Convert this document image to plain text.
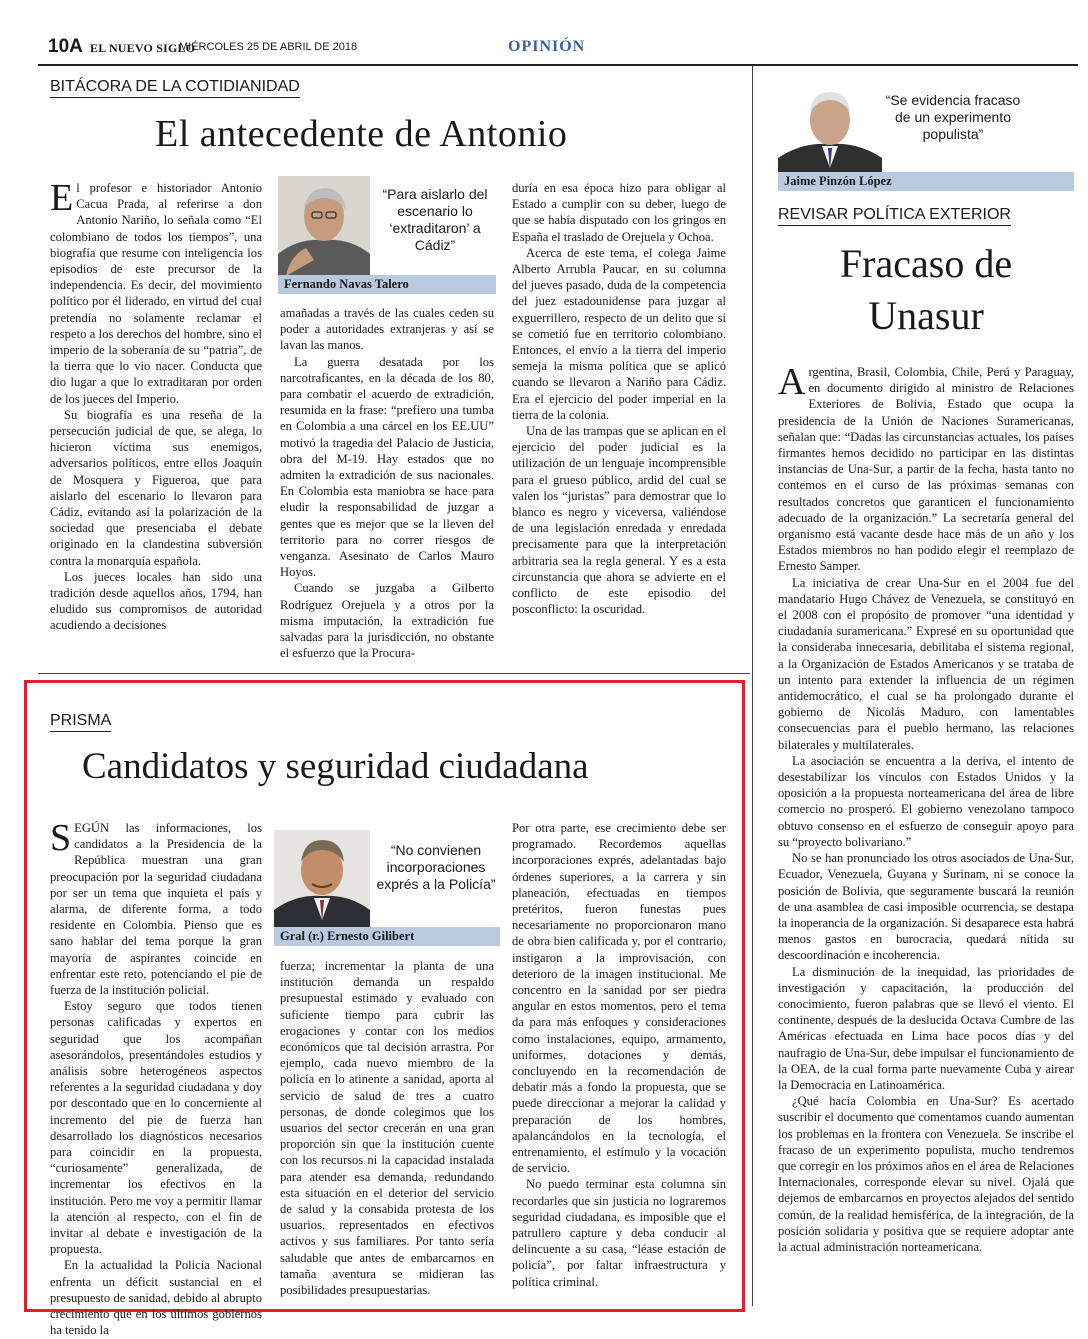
10A EL NUEVO SIGLO
MIÉRCOLES 25 DE ABRIL DE 2018	OPINIÓN
BITÁCORA DE LA COTIDIANIDAD
El antecedente de Antonio

El profesor e historiador Antonio Cacua Prada, al referirse a don Antonio Nariño, lo señala como “El colombiano de todos los tiempos”, una biografía que resume con inteligencia los episodios de este precursor de la independencia. Es decir, del movimiento político por él liderado, en virtud del cual pretendía no solamente reclamar el respeto a los derechos del hombre, sino el imperio de la soberanía de su “patria”, de la tierra que lo vio nacer. Conducta que dio lugar a que lo extraditaran por orden de los jueces del Imperio.

Su biografía es una reseña de la persecución judicial de que, se alega, lo hicieron víctima sus enemigos, adversarios políticos, entre ellos Joaquín de Mosquera y Figueroa, que para aislarlo del escenario lo llevaron para Cádiz, evitando así la polarización de la sociedad que presenciaba el debate originado en la clandestina subversión contra la monarquía española.

Los jueces locales han sido una tradición desde aquellos años, 1794, han eludido sus compromisos de autoridad acudiendo a decisiones

“Para aislarlo del escenario lo ‘extraditaron’ a Cádiz”
Fernando Navas Talero

amañadas a través de las cuales ceden su poder a autoridades extranjeras y así se lavan las manos.

La guerra desatada por los narcotraficantes, en la década de los 80, para combatir el acuerdo de extradición, resumida en la frase: “prefiero una tumba en Colombia a una cárcel en los EE.UU” motivó la tragedia del Palacio de Justicia, obra del M-19. Hay estados que no admiten la extradición de sus nacionales. En Colombia esta maniobra se hace para eludir la responsabilidad de juzgar a gentes que es mejor que se la lleven del territorio para no correr riesgos de venganza. Asesinato de Carlos Mauro Hoyos.

Cuando se juzgaba a Gilberto Rodríguez Orejuela y a otros por la misma imputación, la extradición fue salvadas para la jurisdicción, no obstante el esfuerzo que la Procura-

duría en esa época hizo para obligar al Estado a cumplir con su deber, luego de que se había disputado con los gringos en España el traslado de Orejuela y Ochoa.

Acerca de este tema, el colega Jaime Alberto Arrubla Paucar, en su columna del jueves pasado, duda de la competencia del juez estadounidense para juzgar al exguerrillero, respecto de un delito que si se cometió fue en territorio colombiano. Entonces, el envío a la tierra del imperio semeja la misma política que se aplicó cuando se llevaron a Nariño para Cádiz. Era el ejercicio del poder imperial en la tierra de la colonia.

Una de las trampas que se aplican en el ejercicio del poder judicial es la utilización de un lenguaje incomprensible para el grueso público, ardid del cual se valen los “juristas” para demostrar que lo blanco es negro y viceversa, valiéndose de una legislación enredada y enredada precisamente para que la interpretación arbitraria sea la regla general. Y es a esta circunstancia que ahora se advierte en el conflicto de este episodio del posconflicto: la oscuridad.

PRISMA
Candidatos y seguridad ciudadana

SEGÚN las informaciones, los candidatos a la Presidencia de la República muestran una gran preocupación por la seguridad ciudadana por ser un tema que inquieta el país y alarma, de diferente forma, a todo residente en Colombia. Pienso que es sano hablar del tema porque la gran mayoría de aspirantes coincide en enfrentar este reto, potenciando el pie de fuerza de la institución policial.

Estoy seguro que todos tienen personas calificadas y expertos en seguridad que los acompañan asesorándolos, presentándoles estudios y análisis sobre heterogéneos aspectos referentes a la seguridad ciudadana y doy por descontado que en lo concerniente al incremento del pie de fuerza han desarrollado los diagnósticos necesarios para coincidir en la propuesta, “curiosamente” generalizada, de incrementar los efectivos en la institución. Pero me voy a permitir llamar la atención al respecto, con el fin de invitar al debate e investigación de la propuesta.

En la actualidad la Policía Nacional enfrenta un déficit sustancial en el presupuesto de sanidad, debido al abrupto crecimiento que en los últimos gobiernos ha tenido la

“No convienen incorporaciones exprés a la Policía”
Gral (r.) Ernesto Gilibert

fuerza; incrementar la planta de una institución demanda un respaldo presupuestal estimado y evaluado con suficiente tiempo para cubrir las erogaciones y contar con los medios económicos que tal decisión arrastra. Por ejemplo, cada nuevo miembro de la policía en lo atinente a sanidad, aporta al servicio de salud de tres a cuatro personas, de donde colegimos que los usuarios del sector crecerán en una gran proporción sin que la institución cuente con los recursos ni la capacidad instalada para atender esa demanda, redundando esta situación en el deterior del servicio de salud y la consabida protesta de los usuarios, representados en efectivos activos y sus familiares. Por tanto sería saludable que antes de embarcarnos en tamaña aventura se midieran las posibilidades presupuestarias.

Por otra parte, ese crecimiento debe ser programado. Recordemos aquellas incorporaciones exprés, adelantadas bajo órdenes superiores, a la carrera y sin planeación, efectuadas en tiempos pretéritos, fueron funestas pues necesariamente no proporcionaron mano de obra bien calificada y, por el contrario, instigaron a la improvisación, con deterioro de la imagen institucional. Me concentro en la sanidad por ser piedra angular en estos momentos, pero el tema da para más enfoques y consideraciones como instalaciones, equipo, armamento, uniformes, dotaciones y demás, concluyendo en la recomendación de debatir más a fondo la propuesta, que se puede direccionar a mejorar la calidad y preparación de los hombres, apalancándolos en la tecnología, el entrenamiento, el estímulo y la vocación de servicio.

No puedo terminar esta columna sin recordarles que sin justicia no lograremos seguridad ciudadana, es imposible que el patrullero capture y deba conducir al delincuente a su casa, “léase estación de policía”, por faltar infraestructura y política criminal.

“Se evidencia fracaso de un experimento populista”
Jaime Pinzón López
REVISAR POLÍTICA EXTERIOR
Fracaso de
Unasur

Argentina, Brasil, Colombia, Chile, Perú y Paraguay, en documento dirigido al ministro de Relaciones Exteriores de Bolivia, Estado que ocupa la presidencia de la Unión de Naciones Suramericanas, señalan que: “Dadas las circunstancias actuales, los países firmantes hemos decidido no participar en las distintas instancias de Una-Sur, a partir de la fecha, hasta tanto no contemos en el curso de las próximas semanas con resultados concretos que garanticen el funcionamiento adecuado de la organización.” La secretaría general del organismo está vacante desde hace más de un año y los Estados miembros no han podido elegir el reemplazo de Ernesto Samper.

La iniciativa de crear Una-Sur en el 2004 fue del mandatario Hugo Chávez de Venezuela, se constituyó en el 2008 con el propósito de promover “una identidad y ciudadanía suramericana.” Expresé en su oportunidad que la consideraba innecesaria, debilitaba el sistema regional, a la Organización de Estados Americanos y se trataba de un intento para extender la influencia de un régimen antidemocrático, el cual se ha prolongado durante el gobierno de Nicolás Maduro, con lamentables consecuencias para el pueblo hermano, las relaciones bilaterales y multilaterales.

La asociación se encuentra a la deriva, el intento de desestabilizar los vínculos con Estados Unidos y la oposición a la propuesta norteamericana del área de libre comercio no prosperó. El gobierno venezolano tampoco obtuvo consenso en el esfuerzo de conseguir apoyo para su “proyecto bolivariano.”

No se han pronunciado los otros asociados de Una-Sur, Ecuador, Venezuela, Guyana y Surinam, ni se conoce la posición de Bolivia, que seguramente buscará la reunión de una asamblea de casi imposible ocurrencia, se destapa la inoperancia de la organización. Si desaparece esta habrá menos gastos en burocracia, quedará nítida su descoordinación e incoherencia.

La disminución de la inequidad, las prioridades de investigación y capacitación, la producción del conocimiento, fueron palabras que se llevó el viento. El continente, después de la deslucida Octava Cumbre de las Américas efectuada en Lima hace pocos días y del naufragio de Una-Sur, debe impulsar el funcionamiento de la OEA, de la cual forma parte nuevamente Cuba y airear la Democracia en Latinoamérica.

¿Qué hacía Colombia en Una-Sur? Es acertado suscribir el documento que comentamos cuando aumentan los problemas en la frontera con Venezuela. Se inscribe el fracaso de un experimento populista, mucho tendremos que corregir en los próximos años en el área de Relaciones Internacionales, corresponde elevar su nivel. Ojalá que dejemos de embarcarnos en proyectos alejados del sentido común, de la realidad hemisférica, de la integración, de la posición solidaria y positiva que se requiere adoptar ante la actual administración norteamericana.
